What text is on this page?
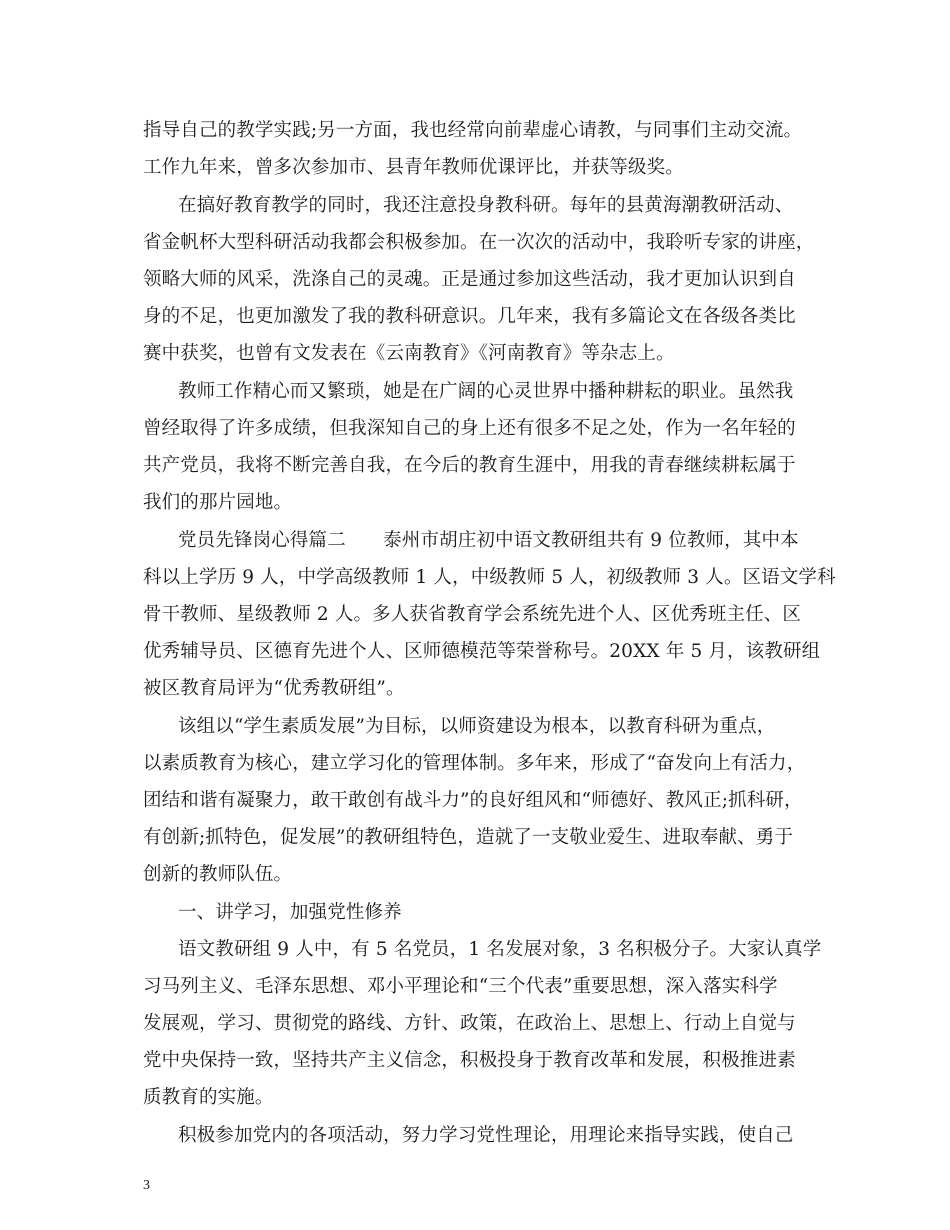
指导自己的教学实践;另一方面，我也经常向前辈虚心请教，与同事们主动交流。
工作九年来，曾多次参加市、县青年教师优课评比，并获等级奖。
在搞好教育教学的同时，我还注意投身教科研。每年的县黄海潮教研活动、
省金帆杯大型科研活动我都会积极参加。在一次次的活动中，我聆听专家的讲座，
领略大师的风采，洗涤自己的灵魂。正是通过参加这些活动，我才更加认识到自
身的不足，也更加激发了我的教科研意识。几年来，我有多篇论文在各级各类比
赛中获奖，也曾有文发表在《云南教育》《河南教育》等杂志上。
教师工作精心而又繁琐，她是在广阔的心灵世界中播种耕耘的职业。虽然我
曾经取得了许多成绩，但我深知自己的身上还有很多不足之处，作为一名年轻的
共产党员，我将不断完善自我，在今后的教育生涯中，用我的青春继续耕耘属于
我们的那片园地。
党员先锋岗心得篇二　　泰州市胡庄初中语文教研组共有 9 位教师，其中本
科以上学历 9 人，中学高级教师 1 人，中级教师 5 人，初级教师 3 人。区语文学科
骨干教师、星级教师 2 人。多人获省教育学会系统先进个人、区优秀班主任、区
优秀辅导员、区德育先进个人、区师德模范等荣誉称号。20XX 年 5 月，该教研组
被区教育局评为“优秀教研组”。
该组以“学生素质发展”为目标，以师资建设为根本，以教育科研为重点，
以素质教育为核心，建立学习化的管理体制。多年来，形成了“奋发向上有活力，
团结和谐有凝聚力，敢干敢创有战斗力”的良好组风和“师德好、教风正;抓科研，
有创新;抓特色，促发展”的教研组特色，造就了一支敬业爱生、进取奉献、勇于
创新的教师队伍。
一、讲学习，加强党性修养
语文教研组 9 人中，有 5 名党员，1 名发展对象，3 名积极分子。大家认真学
习马列主义、毛泽东思想、邓小平理论和“三个代表”重要思想，深入落实科学
发展观，学习、贯彻党的路线、方针、政策，在政治上、思想上、行动上自觉与
党中央保持一致，坚持共产主义信念，积极投身于教育改革和发展，积极推进素
质教育的实施。
积极参加党内的各项活动，努力学习党性理论，用理论来指导实践，使自己
3
